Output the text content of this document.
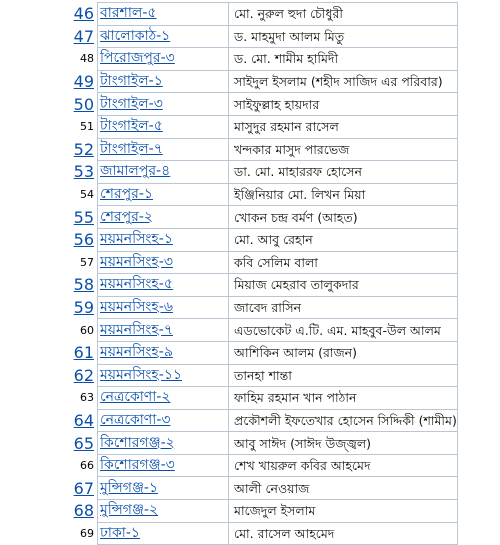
46	বারশাল-৫	মো. নুরুল হুদা চৌধুরী
47	ঝালোকাঠ-১	ড. মাহমুদা আলম মিতু
48	পিরোজপুর-৩	ড. মো. শামীম হামিদী
49	টাংগাইল-১	সাইদুল ইসলাম (শহীদ সাজিদ এর পরিবার)
50	টাংগাইল-৩	সাইফুল্লাহ হায়দার
51	টাংগাইল-৫	মাসুদুর রহমান রাসেল
52	টাংগাইল-৭	খন্দকার মাসুদ পারভেজ
53	জামালপুর-৪	ডা. মো. মাহাররফ হোসেন
54	শেরপুর-১	ইঞ্জিনিয়ার মো. লিখন মিয়া
55	শেরপুর-২	খোকন চন্দ্র বর্মণ (আহত)
56	ময়মনসিংহ-১	মো. আবু রেহান
57	ময়মনসিংহ-৩	কবি সেলিম বালা
58	ময়মনসিংহ-৫	মিয়াজ মেহরাব তালুকদার
59	ময়মনসিংহ-৬	জাবেদ রাসিন
60	ময়মনসিংহ-৭	এডভোকেট এ.টি. এম. মাহবুব-উল আলম
61	ময়মনসিংহ-৯	আশিকিন আলম (রাজন)
62	ময়মনসিংহ-১১	তানহা শান্তা
63	নেত্রকোণা-২	ফাহিম রহমান খান পাঠান
64	নেত্রকোণা-৩	প্রকৌশলী ইফতেখার হোসেন সিদ্দিকী (শামীম)
65	কিশোরগঞ্জ-২	আবু সাঈদ (সাঈদ উজ্জ্বল)
66	কিশোরগঞ্জ-৩	শেখ খায়রুল কবির আহমেদ
67	মুন্সিগঞ্জ-১	আলী নেওয়াজ
68	মুন্সিগঞ্জ-২	মাজেদুল ইসলাম
69	ঢাকা-১	মো. রাসেল আহমেদ
